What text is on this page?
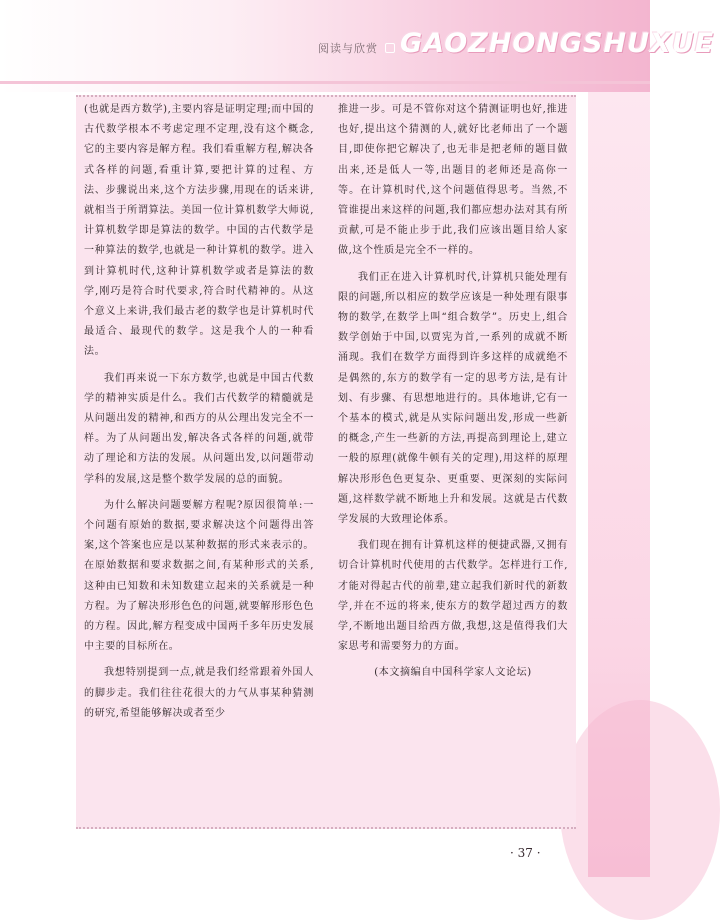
阅读与欣赏 GAOZHONGSHUXUE

(也就是西方数学),主要内容是证明定理;而中国的古代数学根本不考虑定理不定理,没有这个概念,它的主要内容是解方程。我们看重解方程,解决各式各样的问题,看重计算,要把计算的过程、方法、步骤说出来,这个方法步骤,用现在的话来讲,就相当于所谓算法。美国一位计算机数学大师说,计算机数学即是算法的数学。中国的古代数学是一种算法的数学,也就是一种计算机的数学。进入到计算机时代,这种计算机数学或者是算法的数学,刚巧是符合时代要求,符合时代精神的。从这个意义上来讲,我们最古老的数学也是计算机时代最适合、最现代的数学。这是我个人的一种看法。

我们再来说一下东方数学,也就是中国古代数学的精神实质是什么。我们古代数学的精髓就是从问题出发的精神,和西方的从公理出发完全不一样。为了从问题出发,解决各式各样的问题,就带动了理论和方法的发展。从问题出发,以问题带动学科的发展,这是整个数学发展的总的面貌。

为什么解决问题要解方程呢?原因很简单:一个问题有原始的数据,要求解决这个问题得出答案,这个答案也应是以某种数据的形式来表示的。在原始数据和要求数据之间,有某种形式的关系,这种由已知数和未知数建立起来的关系就是一种方程。为了解决形形色色的问题,就要解形形色色的方程。因此,解方程变成中国两千多年历史发展中主要的目标所在。

我想特别提到一点,就是我们经常跟着外国人的脚步走。我们往往花很大的力气从事某种猜测的研究,希望能够解决或者至少

推进一步。可是不管你对这个猜测证明也好,推进也好,提出这个猜测的人,就好比老师出了一个题目,即使你把它解决了,也无非是把老师的题目做出来,还是低人一等,出题目的老师还是高你一等。在计算机时代,这个问题值得思考。当然,不管谁提出来这样的问题,我们都应想办法对其有所贡献,可是不能止步于此,我们应该出题目给人家做,这个性质是完全不一样的。

我们正在进入计算机时代,计算机只能处理有限的问题,所以相应的数学应该是一种处理有限事物的数学,在数学上叫“组合数学”。历史上,组合数学创始于中国,以贾宪为首,一系列的成就不断涌现。我们在数学方面得到许多这样的成就绝不是偶然的,东方的数学有一定的思考方法,是有计划、有步骤、有思想地进行的。具体地讲,它有一个基本的模式,就是从实际问题出发,形成一些新的概念,产生一些新的方法,再提高到理论上,建立一般的原理(就像牛顿有关的定理),用这样的原理解决形形色色更复杂、更重要、更深刻的实际问题,这样数学就不断地上升和发展。这就是古代数学发展的大致理论体系。

我们现在拥有计算机这样的便捷武器,又拥有切合计算机时代使用的古代数学。怎样进行工作,才能对得起古代的前辈,建立起我们新时代的新数学,并在不远的将来,使东方的数学超过西方的数学,不断地出题目给西方做,我想,这是值得我们大家思考和需要努力的方面。

(本文摘编自中国科学家人文论坛)

· 37 ·
